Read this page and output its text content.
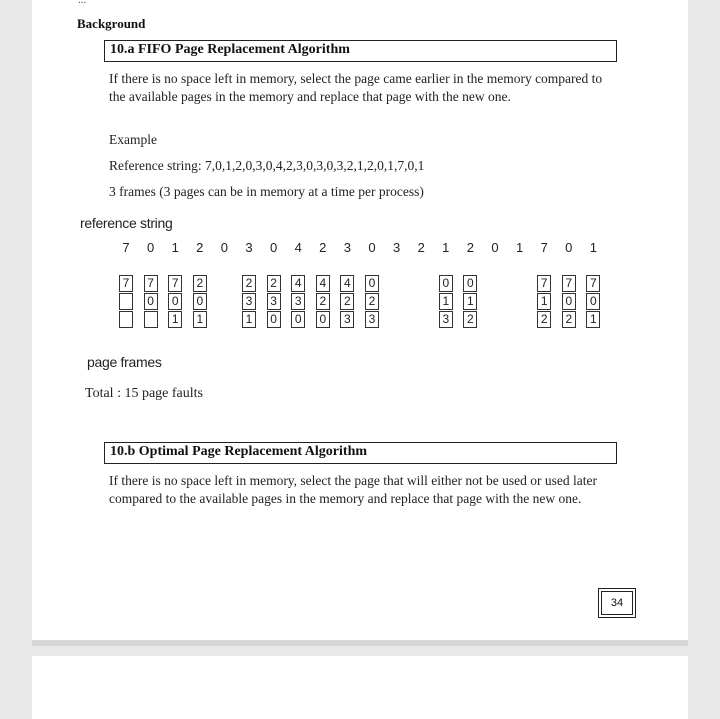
...
Background
10.a FIFO Page Replacement Algorithm
If there is no space left in memory, select the page came earlier in the memory compared to the available pages in the memory and replace that page with the new one.
Example
Reference string: 7,0,1,2,0,3,0,4,2,3,0,3,0,3,2,1,2,0,1,7,0,1
3 frames (3 pages can be in memory at a time per process)
reference string
7 0 1 2 0 3 0 4 2 3 0 3 2 1 2 0 1 7 0 1
7	7
0
7
0
1
2
0
1
2
3
1
2
3
0
4
3
0
4
2
0
4
2
3
0
2
3
0
1
3
0
1
2
7
1
2
7
0
2
7
0
1
page frames
Total : 15 page faults
10.b Optimal Page Replacement Algorithm
If there is no space left in memory, select the page that will either not be used or used later compared to the available pages in the memory and replace that page with the new one.
34
